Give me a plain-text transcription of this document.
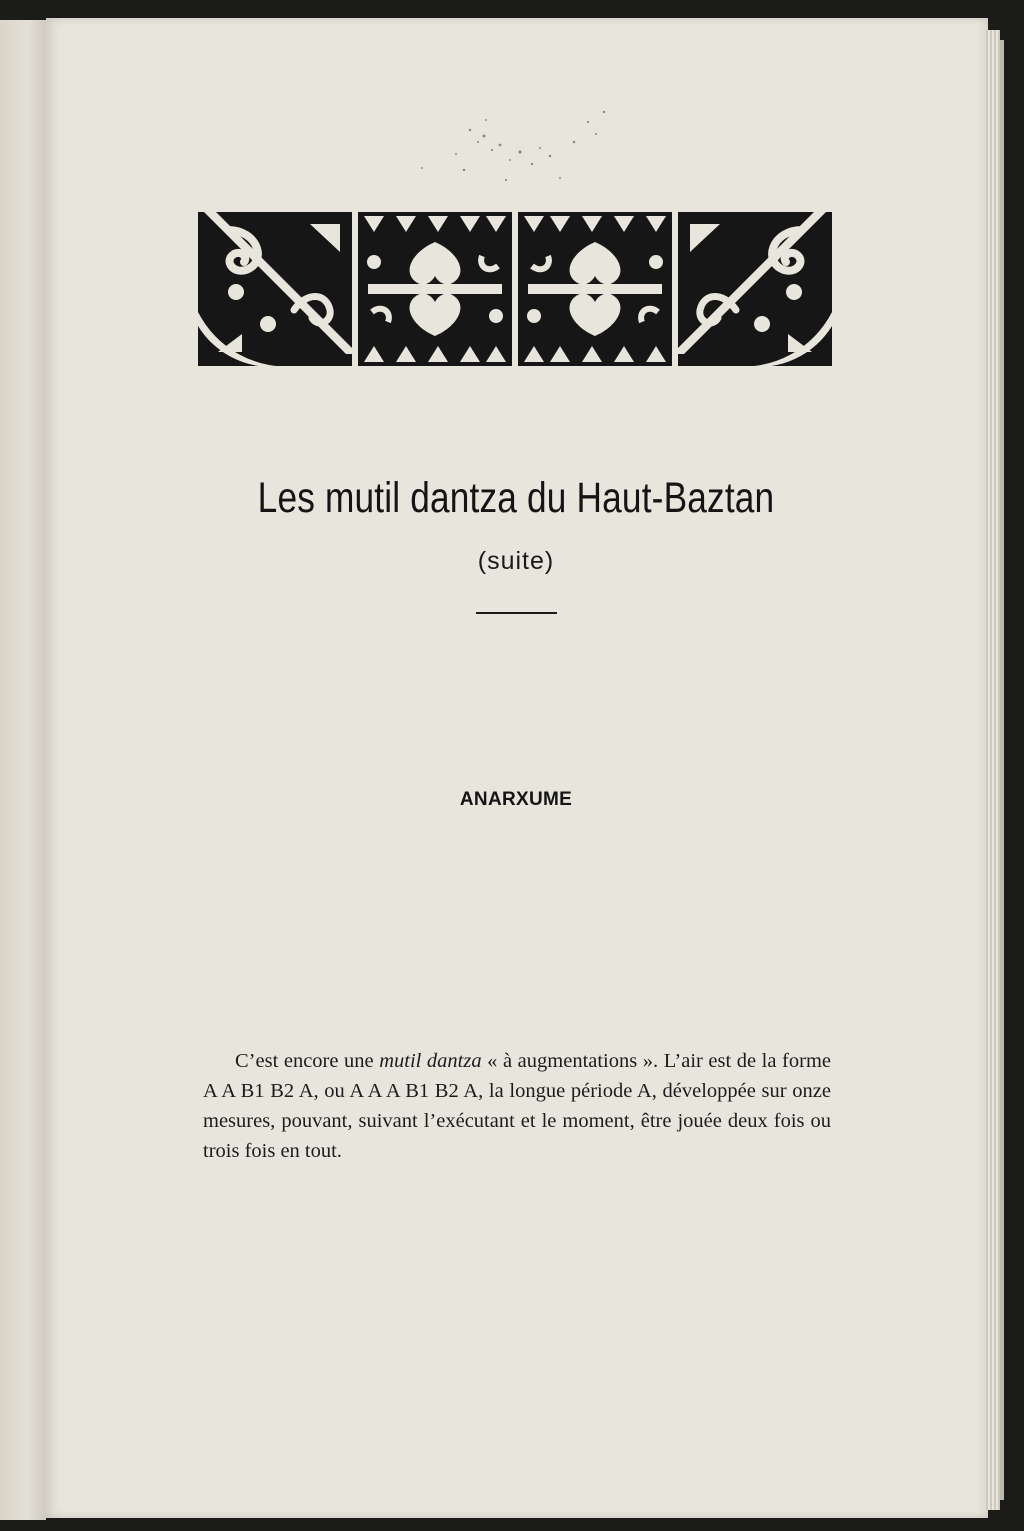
Les mutil dantza du Haut-Baztan
(suite)
ANARXUME

C’est encore une mutil dantza « à augmentations ». L’air est de la forme A A B1 B2 A, ou A A A B1 B2 A, la longue période A, développée sur onze mesures, pouvant, suivant l’exécutant et le moment, être jouée deux fois ou trois fois en tout.
